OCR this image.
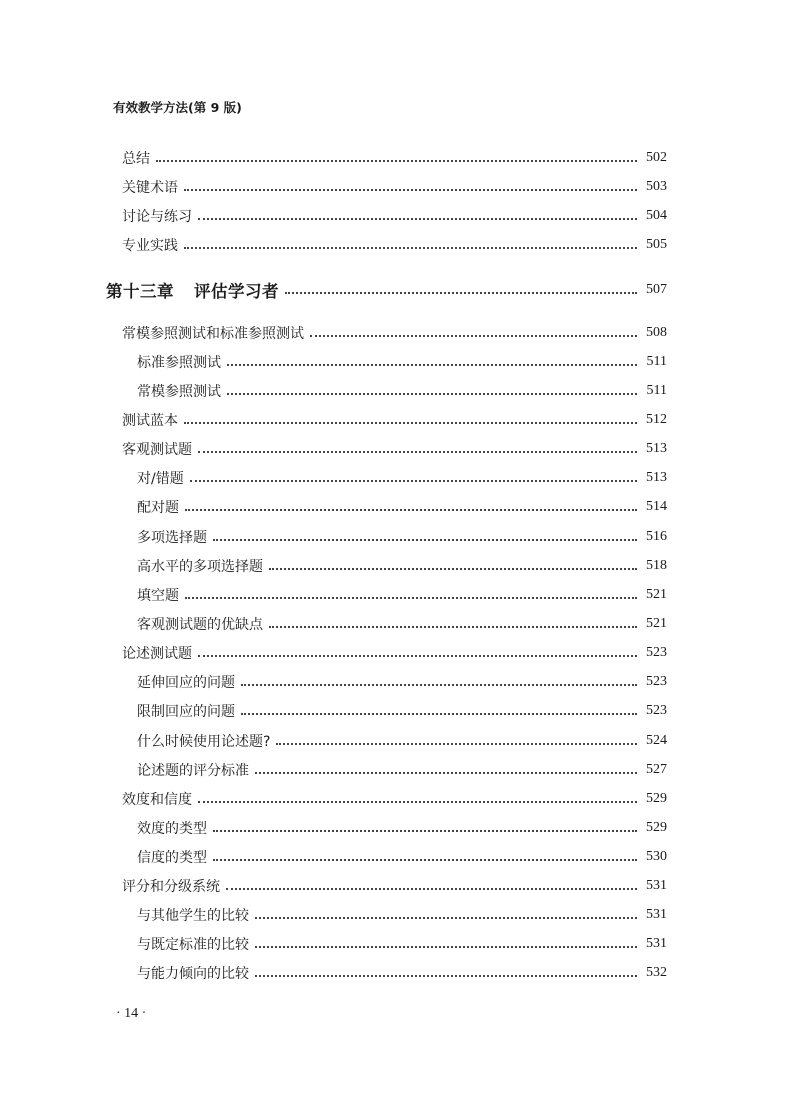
有效教学方法(第 9 版)
总结	502
关键术语	503
讨论与练习	504
专业实践	505
第十三章 评估学习者	507
常模参照测试和标准参照测试	508
标准参照测试	511
常模参照测试	511
测试蓝本	512
客观测试题	513
对/错题	513
配对题	514
多项选择题	516
高水平的多项选择题	518
填空题	521
客观测试题的优缺点	521
论述测试题	523
延伸回应的问题	523
限制回应的问题	523
什么时候使用论述题?	524
论述题的评分标准	527
效度和信度	529
效度的类型	529
信度的类型	530
评分和分级系统	531
与其他学生的比较	531
与既定标准的比较	531
与能力倾向的比较	532
· 14 ·
